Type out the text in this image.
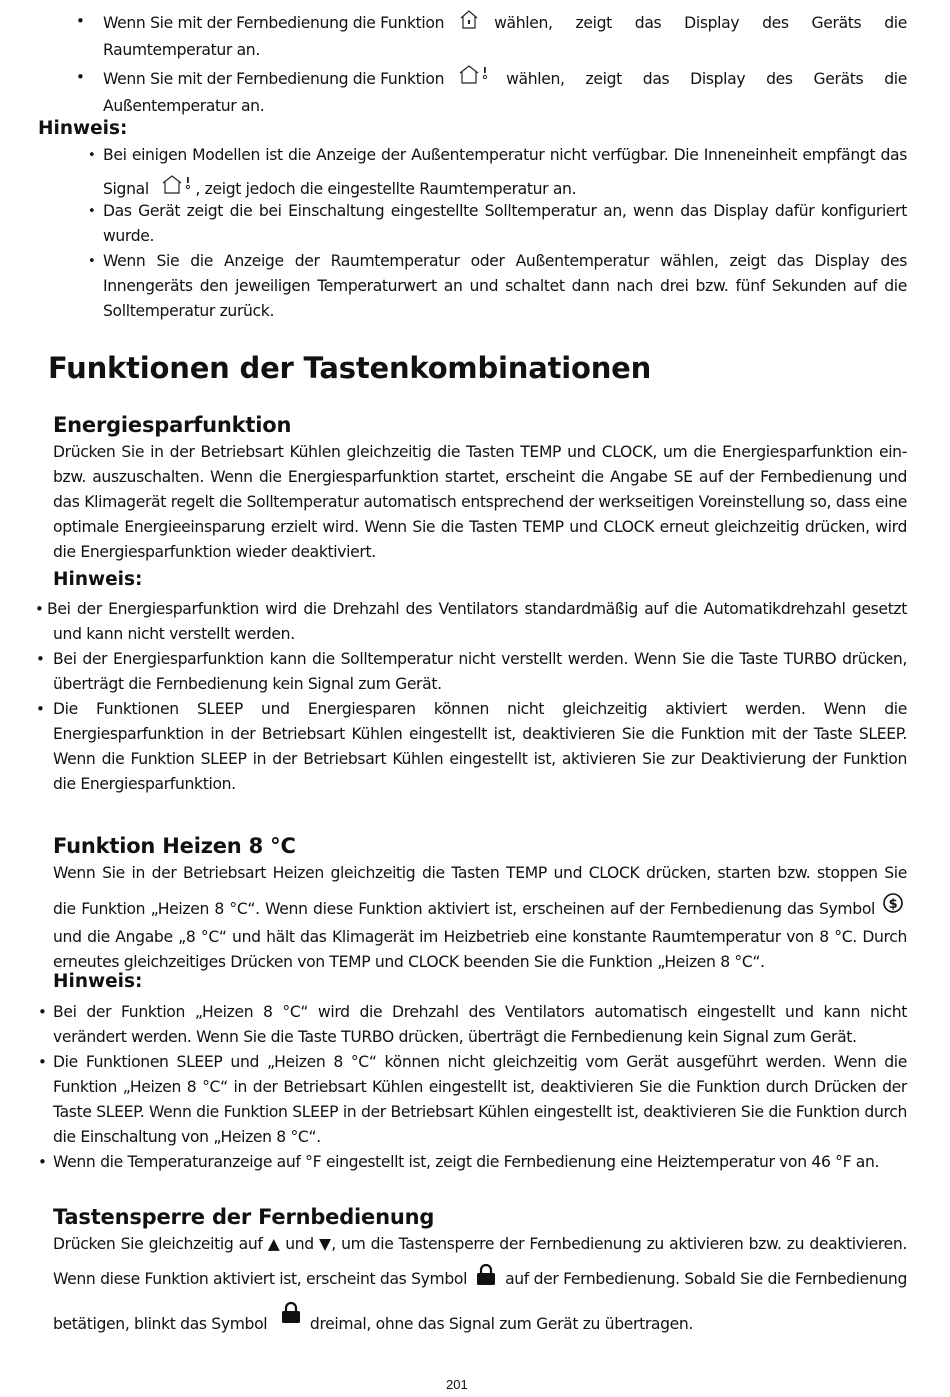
• Wenn Sie mit der Fernbedienung die Funktion	wählen, zeigt das Display des Geräts die
Raumtemperatur an.
• Wenn Sie mit der Fernbedienung die Funktion	wählen, zeigt das Display des Geräts die
Außentemperatur an.
Hinweis:
• Bei einigen Modellen ist die Anzeige der Außentemperatur nicht verfügbar. Die Inneneinheit empfängt das
Signal	, zeigt jedoch die eingestellte Raumtemperatur an.
• Das Gerät zeigt die bei Einschaltung eingestellte Solltemperatur an, wenn das Display dafür konfiguriert wurde.
• Wenn Sie die Anzeige der Raumtemperatur oder Außentemperatur wählen, zeigt das Display des Innengeräts den jeweiligen Temperaturwert an und schaltet dann nach drei bzw. fünf Sekunden auf die Solltemperatur zurück.
Funktionen der Tastenkombinationen
Energiesparfunktion
Drücken Sie in der Betriebsart Kühlen gleichzeitig die Tasten TEMP und CLOCK, um die Energiesparfunktion ein- bzw. auszuschalten. Wenn die Energiesparfunktion startet, erscheint die Angabe SE auf der Fernbedienung und das Klimagerät regelt die Solltemperatur automatisch entsprechend der werkseitigen Voreinstellung so, dass eine optimale Energieeinsparung erzielt wird. Wenn Sie die Tasten TEMP und CLOCK erneut gleichzeitig drücken, wird die Energiesparfunktion wieder deaktiviert.
Hinweis:
• Bei der Energiesparfunktion wird die Drehzahl des Ventilators standardmäßig auf die Automatikdrehzahl gesetzt und kann nicht verstellt werden.
• Bei der Energiesparfunktion kann die Solltemperatur nicht verstellt werden. Wenn Sie die Taste TURBO drücken, überträgt die Fernbedienung kein Signal zum Gerät.
• Die Funktionen SLEEP und Energiesparen können nicht gleichzeitig aktiviert werden. Wenn die Energiesparfunktion in der Betriebsart Kühlen eingestellt ist, deaktivieren Sie die Funktion mit der Taste SLEEP. Wenn die Funktion SLEEP in der Betriebsart Kühlen eingestellt ist, aktivieren Sie zur Deaktivierung der Funktion die Energiesparfunktion.
Funktion Heizen 8 °C
Wenn Sie in der Betriebsart Heizen gleichzeitig die Tasten TEMP und CLOCK drücken, starten bzw. stoppen Sie
die Funktion „Heizen 8 °C“. Wenn diese Funktion aktiviert ist, erscheinen auf der Fernbedienung das Symbol $
und die Angabe „8 °C“ und hält das Klimagerät im Heizbetrieb eine konstante Raumtemperatur von 8 °C. Durch erneutes gleichzeitiges Drücken von TEMP und CLOCK beenden Sie die Funktion „Heizen 8 °C“.
Hinweis:
• Bei der Funktion „Heizen 8 °C“ wird die Drehzahl des Ventilators automatisch eingestellt und kann nicht verändert werden. Wenn Sie die Taste TURBO drücken, überträgt die Fernbedienung kein Signal zum Gerät.
• Die Funktionen SLEEP und „Heizen 8 °C“ können nicht gleichzeitig vom Gerät ausgeführt werden. Wenn die Funktion „Heizen 8 °C“ in der Betriebsart Kühlen eingestellt ist, deaktivieren Sie die Funktion durch Drücken der Taste SLEEP. Wenn die Funktion SLEEP in der Betriebsart Kühlen eingestellt ist, deaktivieren Sie die Funktion durch die Einschaltung von „Heizen 8 °C“.
• Wenn die Temperaturanzeige auf °F eingestellt ist, zeigt die Fernbedienung eine Heiztemperatur von 46 °F an.
Tastensperre der Fernbedienung
Drücken Sie gleichzeitig auf ▲ und ▼, um die Tastensperre der Fernbedienung zu aktivieren bzw. zu deaktivieren.
Wenn diese Funktion aktiviert ist, erscheint das Symbol auf der Fernbedienung. Sobald Sie die Fernbedienung
betätigen, blinkt das Symbol	dreimal, ohne das Signal zum Gerät zu übertragen.
201
